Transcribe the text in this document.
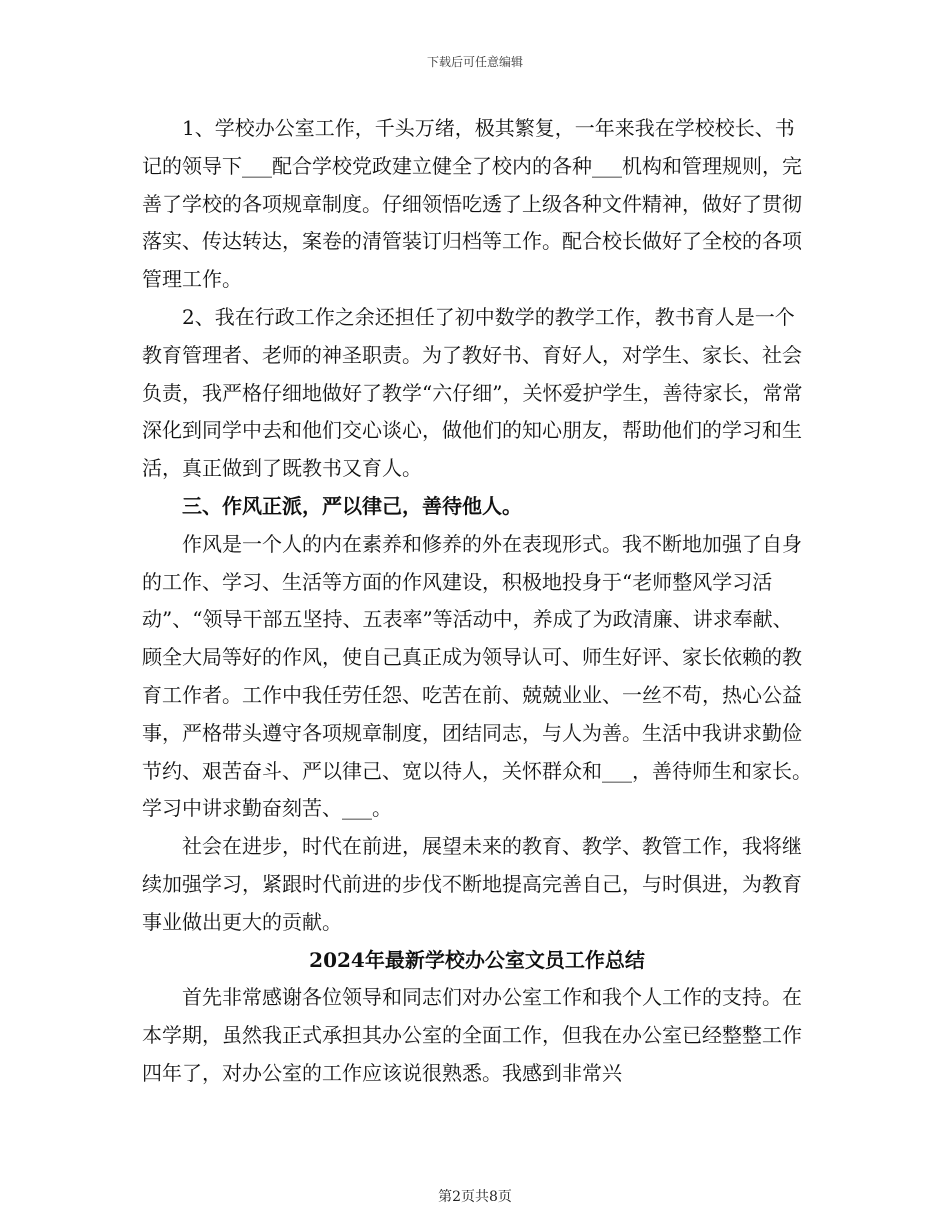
下载后可任意编辑

1、学校办公室工作，千头万绪，极其繁复，一年来我在学校校长、书记的领导下___配合学校党政建立健全了校内的各种___机构和管理规则，完善了学校的各项规章制度。仔细领悟吃透了上级各种文件精神，做好了贯彻落实、传达转达，案卷的清管装订归档等工作。配合校长做好了全校的各项管理工作。

2、我在行政工作之余还担任了初中数学的教学工作，教书育人是一个教育管理者、老师的神圣职责。为了教好书、育好人，对学生、家长、社会负责，我严格仔细地做好了教学“六仔细”，关怀爱护学生，善待家长，常常深化到同学中去和他们交心谈心，做他们的知心朋友，帮助他们的学习和生活，真正做到了既教书又育人。

三、作风正派，严以律己，善待他人。

作风是一个人的内在素养和修养的外在表现形式。我不断地加强了自身的工作、学习、生活等方面的作风建设，积极地投身于“老师整风学习活动”、“领导干部五坚持、五表率”等活动中，养成了为政清廉、讲求奉献、顾全大局等好的作风，使自己真正成为领导认可、师生好评、家长依赖的教育工作者。工作中我任劳任怨、吃苦在前、兢兢业业、一丝不苟，热心公益事，严格带头遵守各项规章制度，团结同志，与人为善。生活中我讲求勤俭节约、艰苦奋斗、严以律己、宽以待人，关怀群众和___，善待师生和家长。学习中讲求勤奋刻苦、___。

社会在进步，时代在前进，展望未来的教育、教学、教管工作，我将继续加强学习，紧跟时代前进的步伐不断地提高完善自己，与时俱进，为教育事业做出更大的贡献。

2024年最新学校办公室文员工作总结

首先非常感谢各位领导和同志们对办公室工作和我个人工作的支持。在本学期，虽然我正式承担其办公室的全面工作，但我在办公室已经整整工作四年了，对办公室的工作应该说很熟悉。我感到非常兴

第2页共8页
